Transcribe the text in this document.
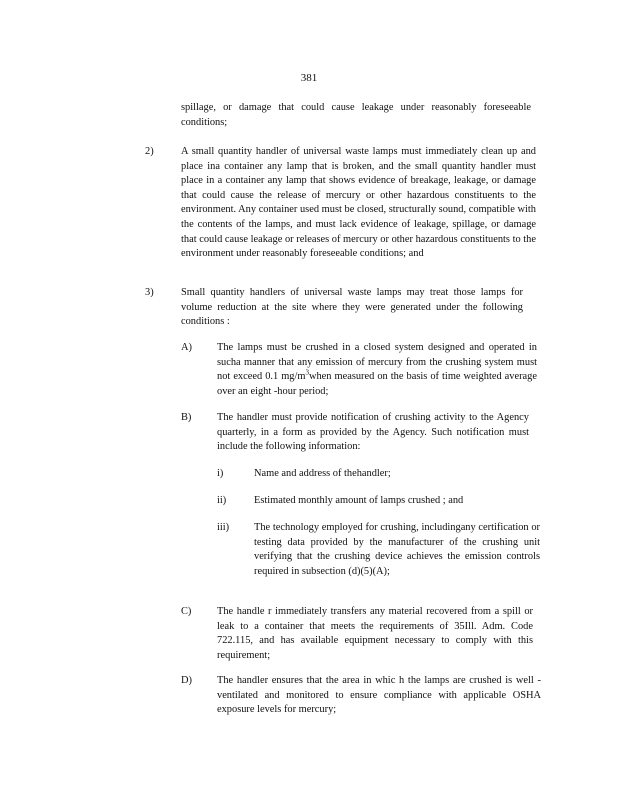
381

spillage, or damage that could cause leakage under reasonably foreseeable conditions;

2)	A small quantity handler of universal waste lamps must immediately clean up and place ina container any lamp that is broken, and the small quantity handler must place in a container any lamp that shows evidence of breakage, leakage, or damage that could cause the release of mercury or other hazardous constituents to the environment. Any container used must be closed, structurally sound, compatible with the contents of the lamps, and must lack evidence of leakage, spillage, or damage that could cause leakage or releases of mercury or other hazardous constituents to the environment under reasonably foreseeable conditions; and

3)	Small quantity handlers of universal waste lamps may treat those lamps for volume reduction at the site where they were generated under the following conditions :

A) The lamps must be crushed in a closed system designed and operated in sucha manner that any emission of mercury from the crushing system must not exceed 0.1 $mg/m^3when$ measured on the basis of time weighted average over an eight -hour period;

B) The handler must provide notification of crushing activity to the Agency quarterly, in a form as provided by the Agency. Such notification must include the following information:

i)	Name and address of thehandler;

ii)	Estimated monthly amount of lamps crushed ; and

iii) The technology employed for crushing, includingany certification or testing data provided by the manufacturer of the crushing unit verifying that the crushing device achieves the emission controls required in subsection (d)(5)(A);

C) The handle r immediately transfers any material recovered from a spill or leak to a container that meets the requirements of 35Ill. Adm. Code 722.115, and has available equipment necessary to comply with this requirement;

D) The handler ensures that the area in whic h the lamps are crushed is well -ventilated and monitored to ensure compliance with applicable OSHA exposure levels for mercury;
